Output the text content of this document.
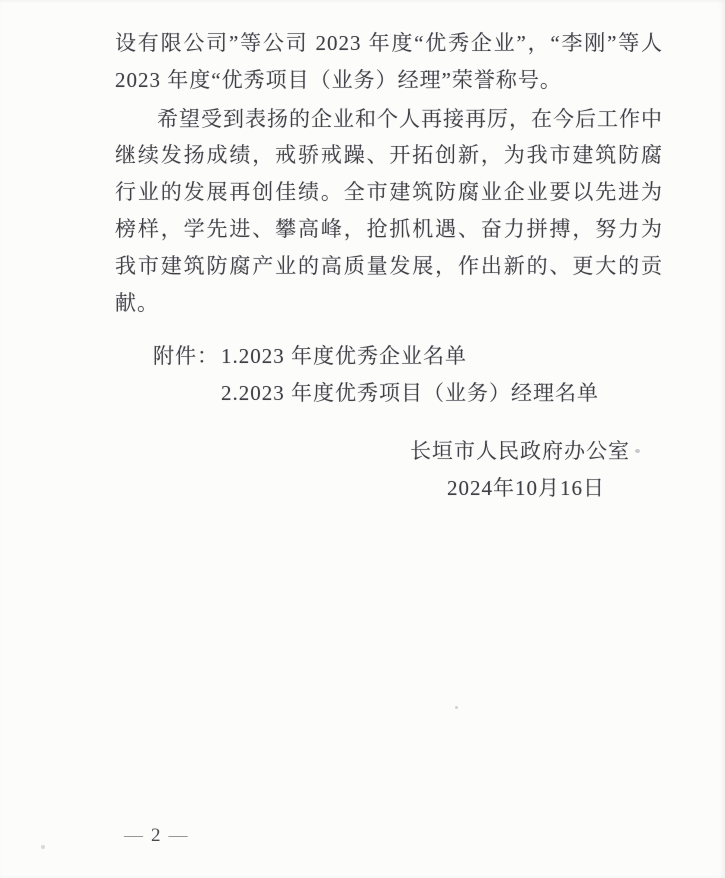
设有限公司”等公司 2023 年度“优秀企业”，“李刚”等人 2023 年度“优秀项目（业务）经理”荣誉称号。

希望受到表扬的企业和个人再接再厉，在今后工作中继续发扬成绩，戒骄戒躁、开拓创新，为我市建筑防腐行业的发展再创佳绩。全市建筑防腐业企业要以先进为榜样，学先进、攀高峰，抢抓机遇、奋力拼搏，努力为我市建筑防腐产业的高质量发展，作出新的、更大的贡献。

附件： 1.2023 年度优秀企业名单
2.2023 年度优秀项目（业务）经理名单
长垣市人民政府办公室
2024年10月16日
— 2 —
